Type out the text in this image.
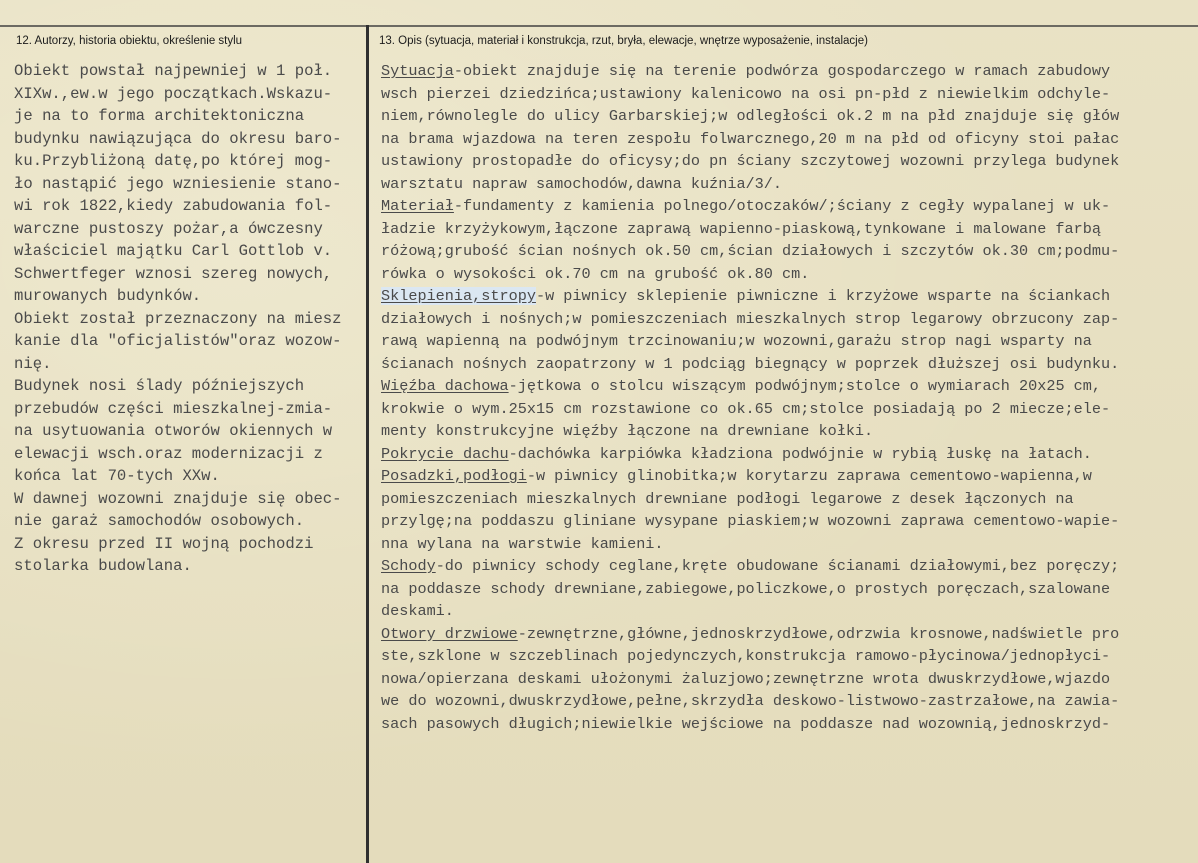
12. Autorzy, historia obiektu, określenie stylu	13. Opis (sytuacja, materiał i konstrukcja, rzut, bryła, elewacje, wnętrze wyposażenie, instalacje)
Obiekt powstał najpewniej w 1 poł.
XIXw.,ew.w jego początkach.Wskazu-
je na to forma architektoniczna
budynku nawiązująca do okresu baro-
ku.Przybliżoną datę,po której mog-
ło nastąpić jego wzniesienie stano-
wi rok 1822,kiedy zabudowania fol-
warczne pustoszy pożar,a ówczesny
właściciel majątku Carl Gottlob v.
Schwertfeger wznosi szereg nowych,
murowanych budynków.
Obiekt został przeznaczony na miesz
kanie dla "oficjalistów"oraz wozow-
nię.
Budynek nosi ślady późniejszych
przebudów części mieszkalnej-zmia-
na usytuowania otworów okiennych w
elewacji wsch.oraz modernizacji z
końca lat 70-tych XXw.
W dawnej wozowni znajduje się obec-
nie garaż samochodów osobowych.
Z okresu przed II wojną pochodzi
stolarka budowlana.
Sytuacja-obiekt znajduje się na terenie podwórza gospodarczego w ramach zabudowy
wsch pierzei dziedzińca;ustawiony kalenicowo na osi pn-płd z niewielkim odchyle-
niem,równolegle do ulicy Garbarskiej;w odległości ok.2 m na płd znajduje się głów
na brama wjazdowa na teren zespołu folwarcznego,20 m na płd od oficyny stoi pałac
ustawiony prostopadłe do oficysy;do pn ściany szczytowej wozowni przylega budynek
warsztatu napraw samochodów,dawna kuźnia/3/.
Materiał-fundamenty z kamienia polnego/otoczaków/;ściany z cegły wypalanej w uk-
ładzie krzyżykowym,łączone zaprawą wapienno-piaskową,tynkowane i malowane farbą
różową;grubość ścian nośnych ok.50 cm,ścian działowych i szczytów ok.30 cm;podmu-
rówka o wysokości ok.70 cm na grubość ok.80 cm.
Sklepienia,stropy-w piwnicy sklepienie piwniczne i krzyżowe wsparte na ściankach
działowych i nośnych;w pomieszczeniach mieszkalnych strop legarowy obrzucony zap-
rawą wapienną na podwójnym trzcinowaniu;w wozowni,garażu strop nagi wsparty na
ścianach nośnych zaopatrzony w 1 podciąg biegnący w poprzek dłuższej osi budynku.
Więźba dachowa-jętkowa o stolcu wiszącym podwójnym;stolce o wymiarach 20x25 cm,
krokwie o wym.25x15 cm rozstawione co ok.65 cm;stolce posiadają po 2 miecze;ele-
menty konstrukcyjne więźby łączone na drewniane kołki.
Pokrycie dachu-dachówka karpiówka kładziona podwójnie w rybią łuskę na łatach.
Posadzki,podłogi-w piwnicy glinobitka;w korytarzu zaprawa cementowo-wapienna,w
pomieszczeniach mieszkalnych drewniane podłogi legarowe z desek łączonych na
przylgę;na poddaszu gliniane wysypane piaskiem;w wozowni zaprawa cementowo-wapie-
nna wylana na warstwie kamieni.
Schody-do piwnicy schody ceglane,kręte obudowane ścianami działowymi,bez poręczy;
na poddasze schody drewniane,zabiegowe,policzkowe,o prostych poręczach,szalowane
deskami.
Otwory drzwiowe-zewnętrzne,główne,jednoskrzydłowe,odrzwia krosnowe,nadświetle pro
ste,szklone w szczeblinach pojedynczych,konstrukcja ramowo-płycinowa/jednopłyci-
nowa/opierzana deskami ułożonymi żaluzjowo;zewnętrzne wrota dwuskrzydłowe,wjazdo
we do wozowni,dwuskrzydłowe,pełne,skrzydła deskowo-listwowo-zastrzałowe,na zawia-
sach pasowych długich;niewielkie wejściowe na poddasze nad wozownią,jednoskrzyd-
